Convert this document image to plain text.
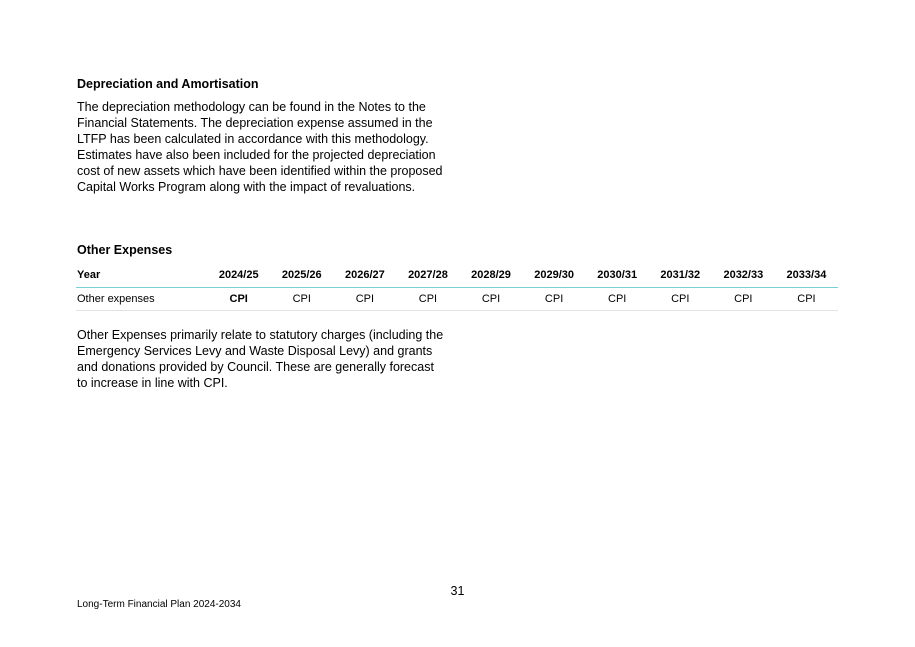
Depreciation and Amortisation

The depreciation methodology can be found in the Notes to the Financial Statements. The depreciation expense assumed in the LTFP has been calculated in accordance with this methodology. Estimates have also been included for the projected depreciation cost of new assets which have been identified within the proposed Capital Works Program along with the impact of revaluations.

Other Expenses
Year	2024/25	2025/26	2026/27	2027/28	2028/29	2029/30	2030/31	2031/32	2032/33	2033/34
Other expenses	CPI	CPI	CPI	CPI	CPI	CPI	CPI	CPI	CPI	CPI

Other Expenses primarily relate to statutory charges (including the Emergency Services Levy and Waste Disposal Levy) and grants and donations provided by Council. These are generally forecast to increase in line with CPI.

31
Long-Term Financial Plan 2024-2034
